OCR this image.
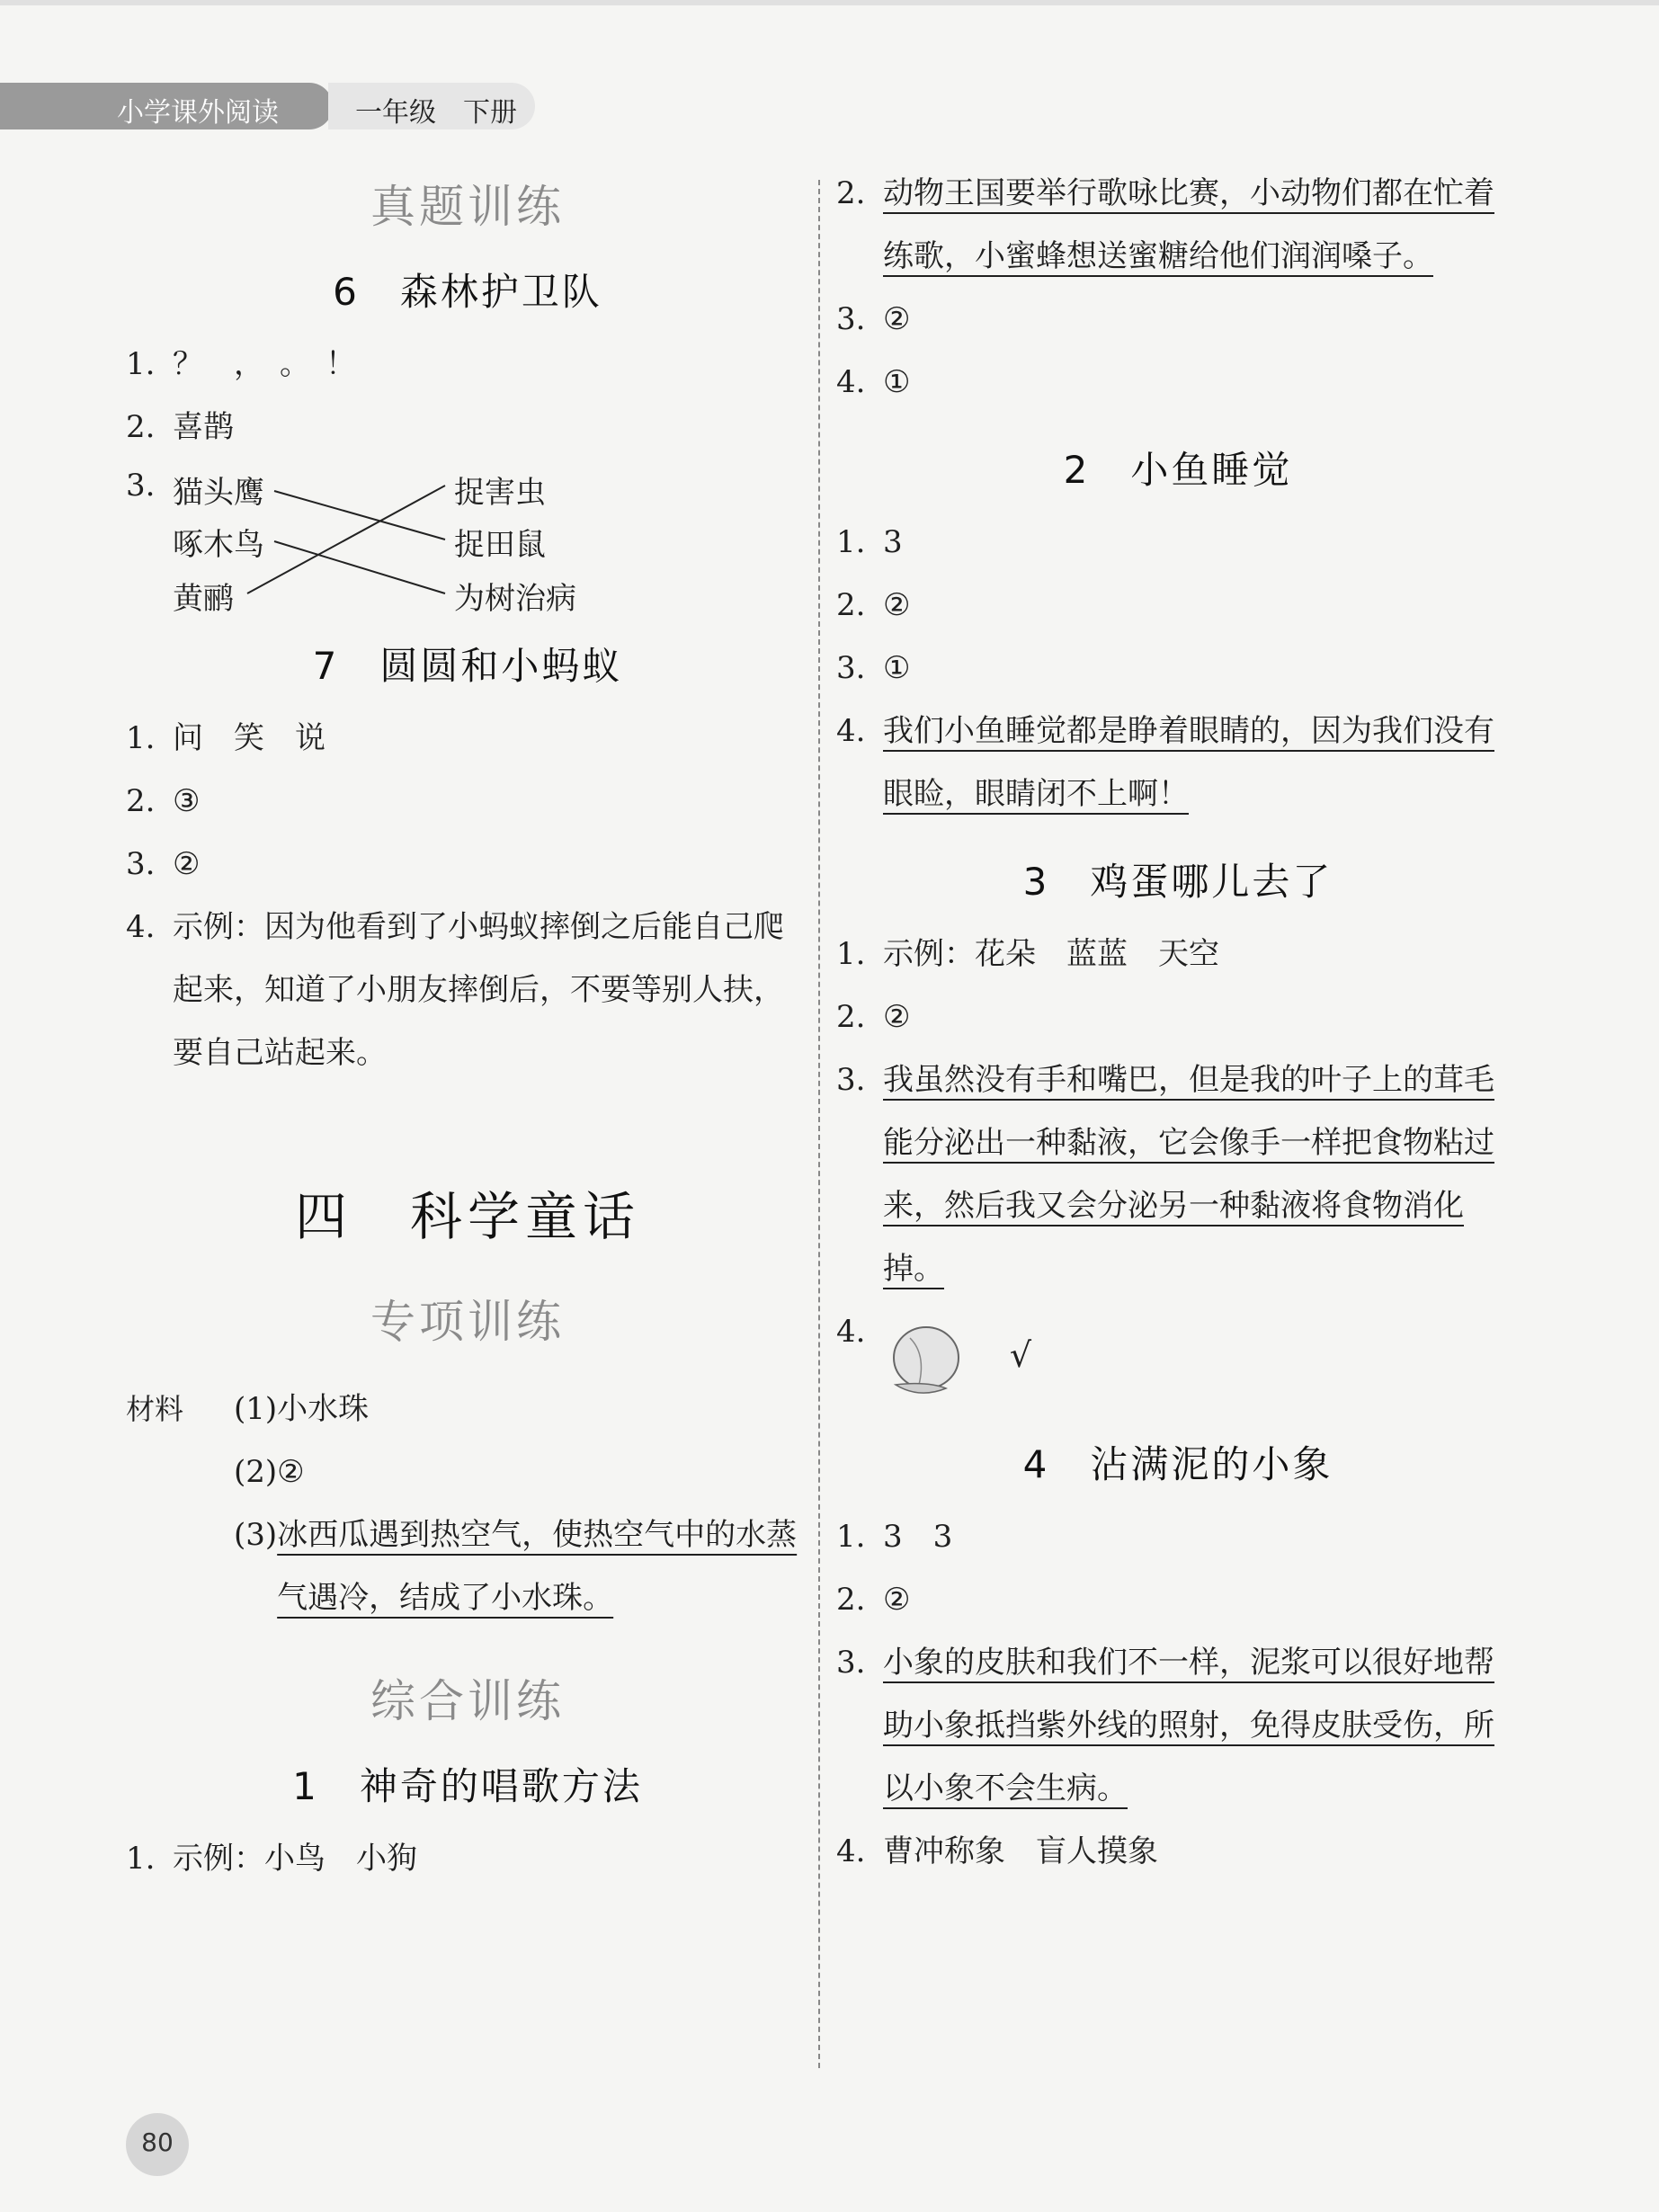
小学课外阅读	一年级　下册
真题训练
6　森林护卫队
1. ？　，　。　！
2. 喜鹊
3. 猫头鹰
啄木鸟
黄鹂
捉害虫
捉田鼠
为树治病
7　圆圆和小蚂蚁
1. 问　笑　说
2. ③
3. ②
4. 示例：因为他看到了小蚂蚁摔倒之后能自己爬起来，知道了小朋友摔倒后，不要等别人扶，要自己站起来。
四　科学童话
专项训练
材料	(1)小水珠
(2)②
(3) 冰西瓜遇到热空气，使热空气中的水蒸气遇冷，结成了小水珠。
综合训练
1　神奇的唱歌方法
1. 示例：小鸟　小狗
2. 动物王国要举行歌咏比赛，小动物们都在忙着练歌，小蜜蜂想送蜜糖给他们润润嗓子。
3. ②
4. ①
2　小鱼睡觉
1. 3
2. ②
3. ①
4. 我们小鱼睡觉都是睁着眼睛的，因为我们没有眼睑，眼睛闭不上啊！
3　鸡蛋哪儿去了
1. 示例：花朵　蓝蓝　天空
2. ②
3. 我虽然没有手和嘴巴，但是我的叶子上的茸毛能分泌出一种黏液，它会像手一样把食物粘过来，然后我又会分泌另一种黏液将食物消化掉。
4.
√
4　沾满泥的小象
1. 3　3
2. ②
3. 小象的皮肤和我们不一样，泥浆可以很好地帮助小象抵挡紫外线的照射，免得皮肤受伤，所以小象不会生病。
4. 曹冲称象　盲人摸象
80
